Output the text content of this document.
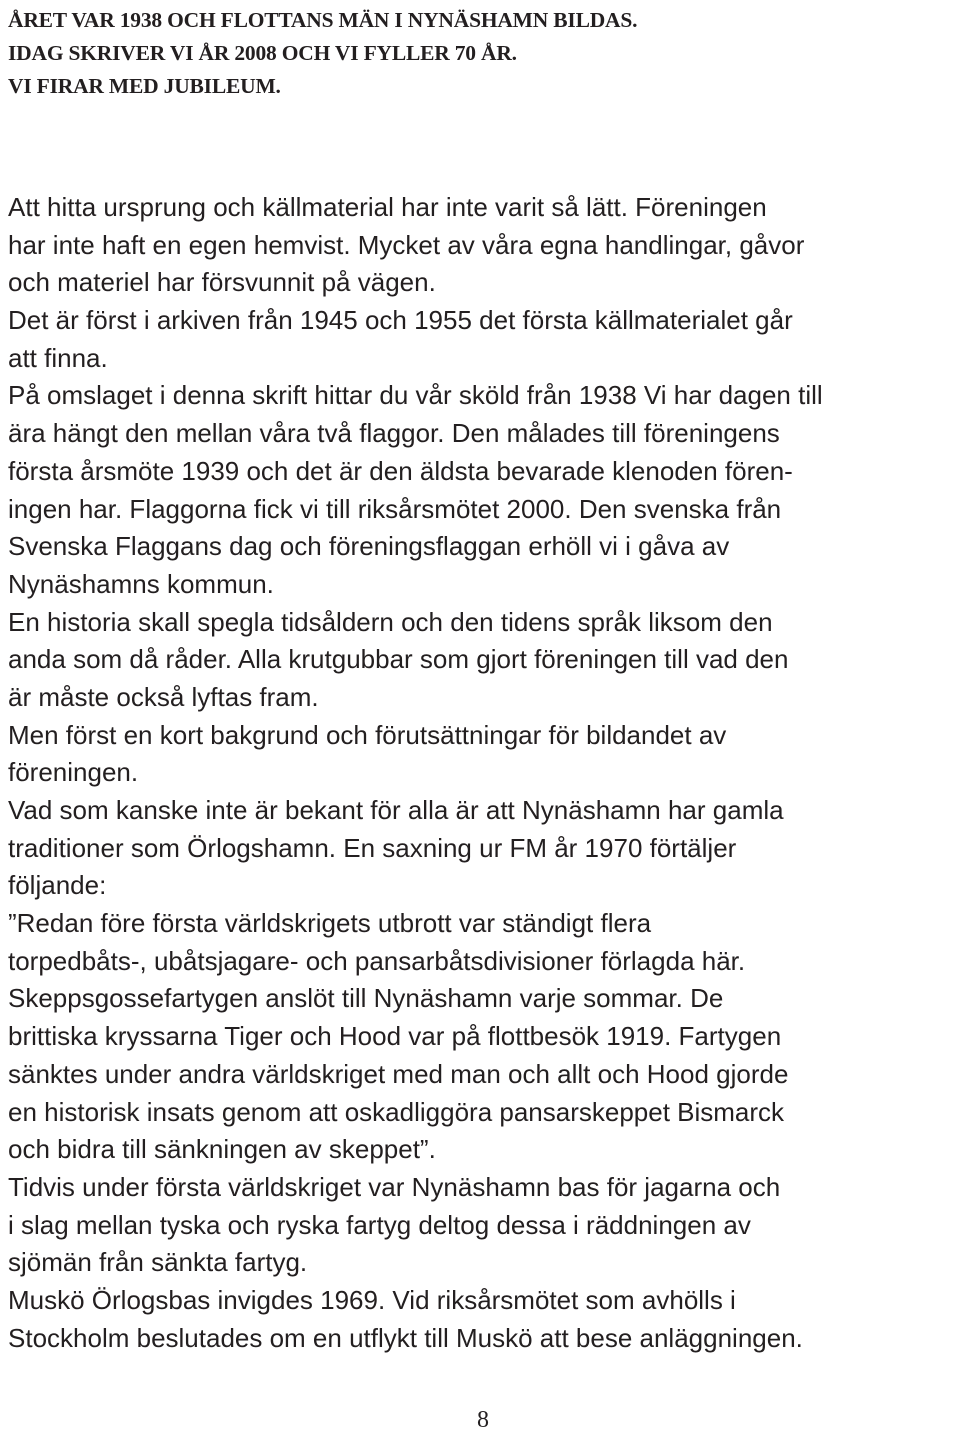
ÅRET VAR 1938 OCH FLOTTANS MÄN I NYNÄSHAMN BILDAS.
IDAG SKRIVER VI ÅR 2008 OCH VI FYLLER 70 ÅR.
VI FIRAR MED JUBILEUM.
Att hitta ursprung och källmaterial har inte varit så lätt. Föreningen
har inte haft en egen hemvist. Mycket av våra egna handlingar, gåvor
och materiel har försvunnit på vägen.
Det är först i arkiven från 1945 och 1955 det första källmaterialet går
att finna.
På omslaget i denna skrift hittar du vår sköld från 1938 Vi har dagen till
ära hängt den mellan våra två flaggor. Den målades till föreningens
första årsmöte 1939 och det är den äldsta bevarade klenoden fören-
ingen har. Flaggorna fick vi till riksårsmötet 2000. Den svenska från
Svenska Flaggans dag och föreningsflaggan erhöll vi i gåva av
Nynäshamns kommun.
En historia skall spegla tidsåldern och den tidens språk liksom den
anda som då råder. Alla krutgubbar som gjort föreningen till vad den
är måste också lyftas fram.
Men först en kort bakgrund och förutsättningar för bildandet av
föreningen.
Vad som kanske inte är bekant för alla är att Nynäshamn har gamla
traditioner som Örlogshamn. En saxning ur FM år 1970 förtäljer
följande:
”Redan före första världskrigets utbrott var ständigt flera
torpedbåts-, ubåtsjagare- och pansarbåtsdivisioner förlagda här.
Skeppsgossefartygen anslöt till Nynäshamn varje sommar. De
brittiska kryssarna Tiger och Hood var på flottbesök 1919. Fartygen
sänktes under andra världskriget med man och allt och Hood gjorde
en historisk insats genom att oskadliggöra pansarskeppet Bismarck
och bidra till sänkningen av skeppet”.
Tidvis under första världskriget var Nynäshamn bas för jagarna och
i slag mellan tyska och ryska fartyg deltog dessa i räddningen av
sjömän från sänkta fartyg.
Muskö Örlogsbas invigdes 1969. Vid riksårsmötet som avhölls i
Stockholm beslutades om en utflykt till Muskö att bese anläggningen.
8
